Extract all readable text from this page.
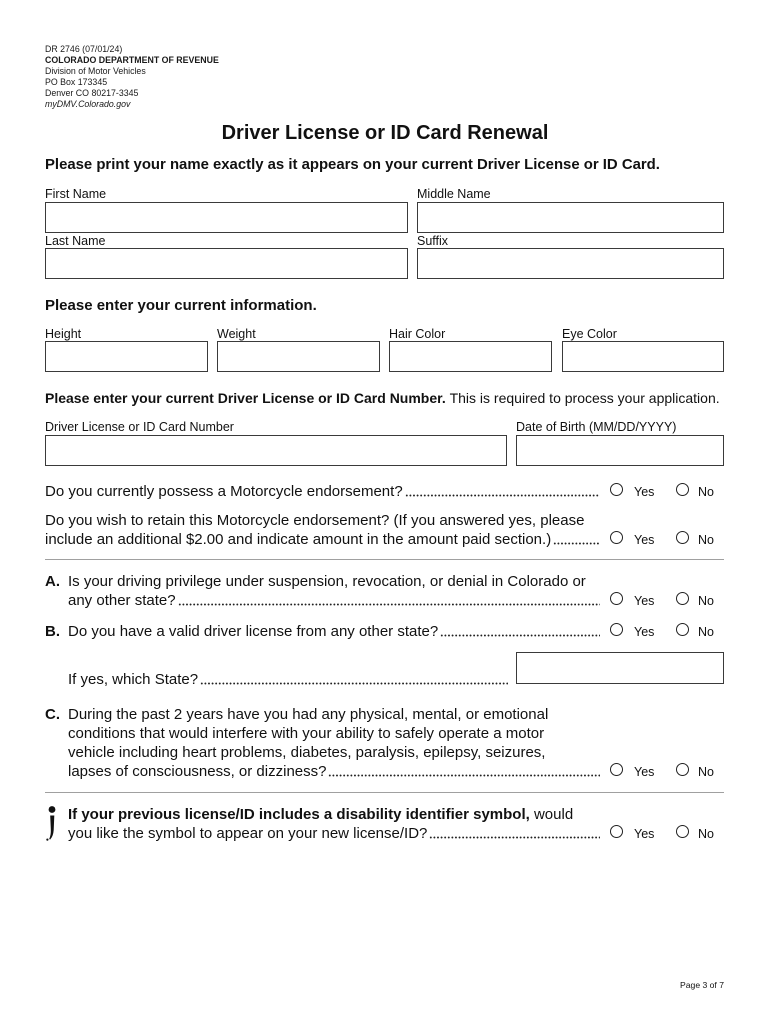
DR 2746 (07/01/24)
COLORADO DEPARTMENT OF REVENUE
Division of Motor Vehicles
PO Box 173345
Denver CO 80217-3345
myDMV.Colorado.gov
Driver License or ID Card Renewal
Please print your name exactly as it appears on your current Driver License or ID Card.
First Name	Middle Name
Last Name	Suffix
Please enter your current information.
Height	Weight	Hair Color	Eye Color
Please enter your current Driver License or ID Card Number. This is required to process your application.
Driver License or ID Card Number	Date of Birth (MM/DD/YYYY)
Do you currently possess a Motorcycle endorsement?	Yes	No
Do you wish to retain this Motorcycle endorsement? (If you answered yes, please
include an additional $2.00 and indicate amount in the amount paid section.)	Yes	No
A. Is your driving privilege under suspension, revocation, or denial in Colorado or
any other state?	Yes	No
B. Do you have a valid driver license from any other state?	Yes	No
If yes, which State?
C. During the past 2 years have you had any physical, mental, or emotional
conditions that would interfere with your ability to safely operate a motor
vehicle including heart problems, diabetes, paralysis, epilepsy, seizures,
lapses of consciousness, or dizziness?	Yes	No
If your previous license/ID includes a disability identifier symbol, would
you like the symbol to appear on your new license/ID?	Yes	No
Page 3 of 7
